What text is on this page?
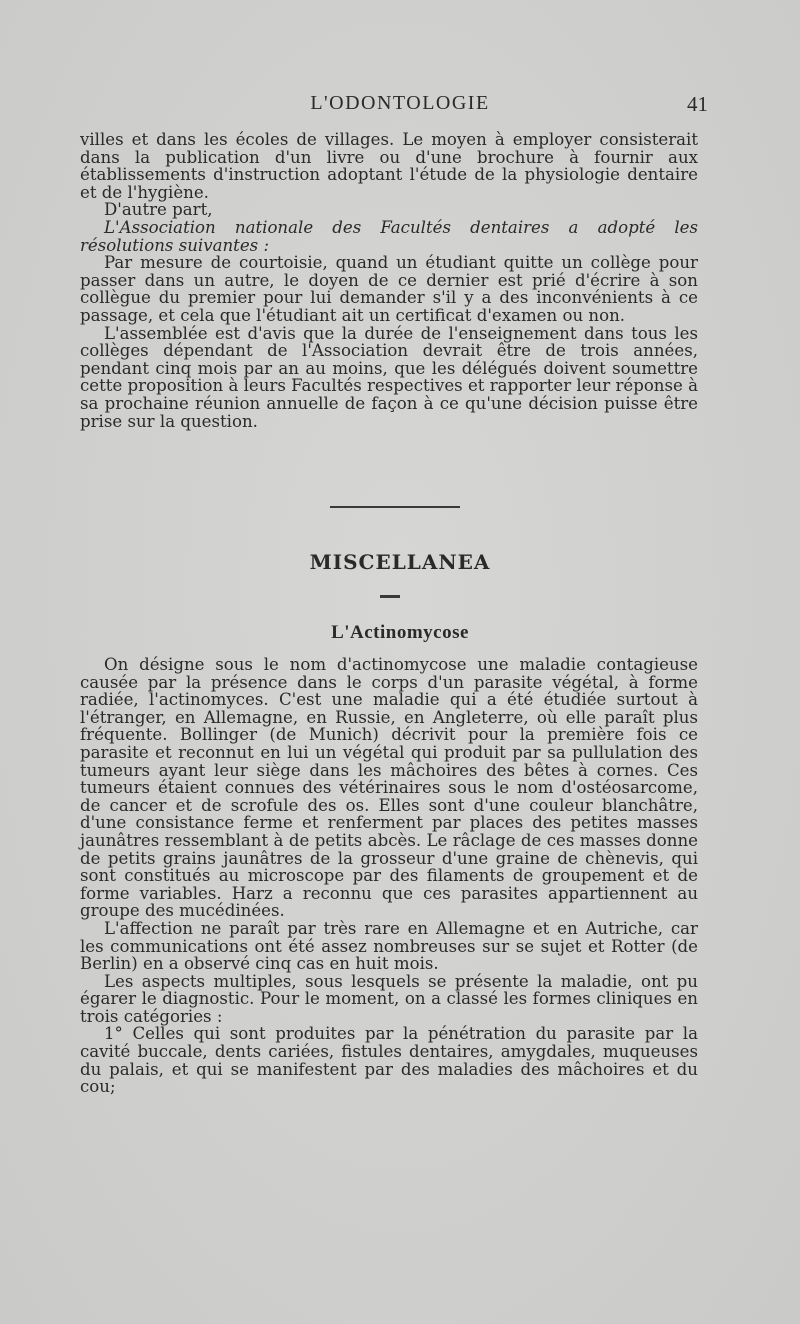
L'ODONTOLOGIE	41

villes et dans les écoles de villages. Le moyen à employer consisterait dans la publication d'un livre ou d'une brochure à fournir aux établissements d'instruction adoptant l'étude de la physiologie dentaire et de l'hygiène.

D'autre part,

L'Association nationale des Facultés dentaires a adopté les résolutions suivantes :

Par mesure de courtoisie, quand un étudiant quitte un collège pour passer dans un autre, le doyen de ce dernier est prié d'écrire à son collègue du premier pour lui demander s'il y a des inconvénients à ce passage, et cela que l'étudiant ait un certificat d'examen ou non.

L'assemblée est d'avis que la durée de l'enseignement dans tous les collèges dépendant de l'Association devrait être de trois années, pendant cinq mois par an au moins, que les délégués doivent soumettre cette proposition à leurs Facultés respectives et rapporter leur réponse à sa prochaine réunion annuelle de façon à ce qu'une décision puisse être prise sur la question.

MISCELLANEA
L'Actinomycose

On désigne sous le nom d'actinomycose une maladie contagieuse causée par la présence dans le corps d'un parasite végétal, à forme radiée, l'actinomyces. C'est une maladie qui a été étudiée surtout à l'étranger, en Allemagne, en Russie, en Angleterre, où elle paraît plus fréquente. Bollinger (de Munich) décrivit pour la première fois ce parasite et reconnut en lui un végétal qui produit par sa pullulation des tumeurs ayant leur siège dans les mâchoires des bêtes à cornes. Ces tumeurs étaient connues des vétérinaires sous le nom d'ostéosarcome, de cancer et de scrofule des os. Elles sont d'une couleur blanchâtre, d'une consistance ferme et renferment par places des petites masses jaunâtres ressemblant à de petits abcès. Le râclage de ces masses donne de petits grains jaunâtres de la grosseur d'une graine de chènevis, qui sont constitués au microscope par des filaments de groupement et de forme variables. Harz a reconnu que ces parasites appartiennent au groupe des mucédinées.

L'affection ne paraît par très rare en Allemagne et en Autriche, car les communications ont été assez nombreuses sur se sujet et Rotter (de Berlin) en a observé cinq cas en huit mois.

Les aspects multiples, sous lesquels se présente la maladie, ont pu égarer le diagnostic. Pour le moment, on a classé les formes cliniques en trois catégories :

1° Celles qui sont produites par la pénétration du parasite par la cavité buccale, dents cariées, fistules dentaires, amygdales, muqueuses du palais, et qui se manifestent par des maladies des mâchoires et du cou;
